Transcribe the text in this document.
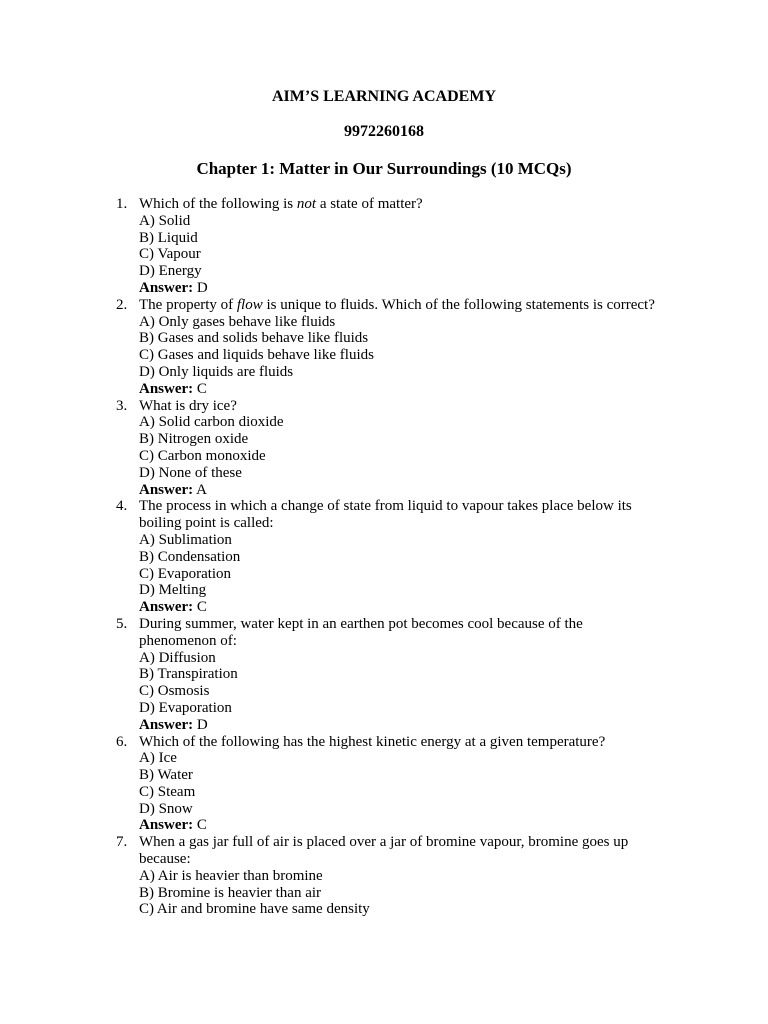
AIM’S LEARNING ACADEMY
9972260168
Chapter 1: Matter in Our Surroundings (10 MCQs)
1. Which of the following is not a state of matter?
A) Solid
B) Liquid
C) Vapour
D) Energy
Answer: D
2. The property of flow is unique to fluids. Which of the following statements is correct?
A) Only gases behave like fluids
B) Gases and solids behave like fluids
C) Gases and liquids behave like fluids
D) Only liquids are fluids
Answer: C
3. What is dry ice?
A) Solid carbon dioxide
B) Nitrogen oxide
C) Carbon monoxide
D) None of these
Answer: A
4. The process in which a change of state from liquid to vapour takes place below its
boiling point is called:
A) Sublimation
B) Condensation
C) Evaporation
D) Melting
Answer: C
5. During summer, water kept in an earthen pot becomes cool because of the
phenomenon of:
A) Diffusion
B) Transpiration
C) Osmosis
D) Evaporation
Answer: D
6. Which of the following has the highest kinetic energy at a given temperature?
A) Ice
B) Water
C) Steam
D) Snow
Answer: C
7. When a gas jar full of air is placed over a jar of bromine vapour, bromine goes up
because:
A) Air is heavier than bromine
B) Bromine is heavier than air
C) Air and bromine have same density
